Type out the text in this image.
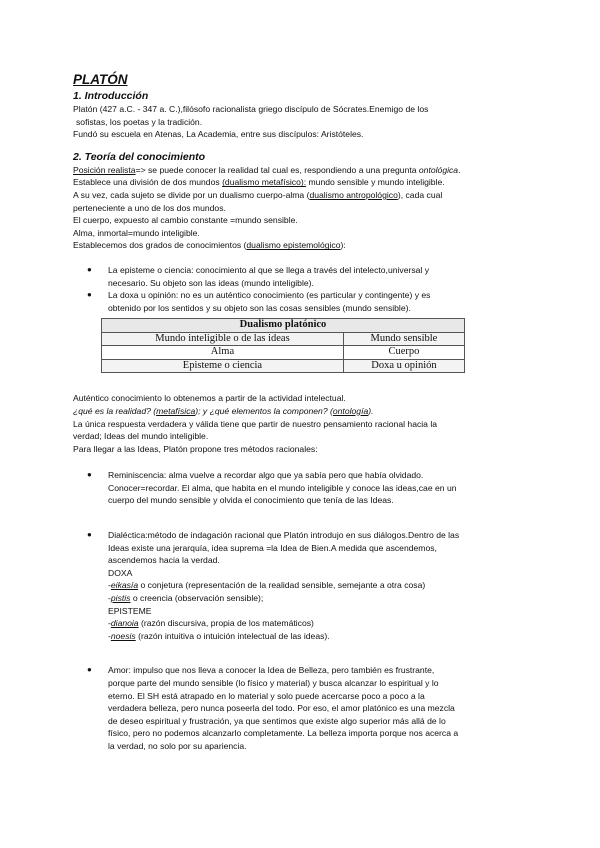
PLATÓN
1. Introducción
Platón (427 a.C. - 347 a. C.),filósofo racionalista griego discípulo de Sócrates.Enemigo de los
sofistas, los poetas y la tradición.
Fundó su escuela en Atenas, La Academia, entre sus discípulos: Aristóteles.
2. Teoría del conocimiento
Posición realista=> se puede conocer la realidad tal cual es, respondiendo a una pregunta ontológica.
Establece una división de dos mundos (dualismo metafísico): mundo sensible y mundo inteligible.
A su vez, cada sujeto se divide por un dualismo cuerpo-alma (dualismo antropológico), cada cual
perteneciente a uno de los dos mundos.
El cuerpo, expuesto al cambio constante =mundo sensible.
Alma, inmortal=mundo inteligible.
Establecemos dos grados de conocimientos (dualismo epistemológico):
● La episteme o ciencia: conocimiento al que se llega a través del intelecto,universal y
necesario. Su objeto son las ideas (mundo inteligible).
● La doxa u opinión: no es un auténtico conocimiento (es particular y contingente) y es
obtenido por los sentidos y su objeto son las cosas sensibles (mundo sensible).
Dualismo platónico	
Mundo inteligible o de las ideas	Mundo sensible
Alma	Cuerpo
Episteme o ciencia	Doxa u opinión
Auténtico conocimiento lo obtenemos a partir de la actividad intelectual.
¿qué es la realidad? (metafísica); y ¿qué elementos la componen? (ontología).
La única respuesta verdadera y válida tiene que partir de nuestro pensamiento racional hacia la
verdad; Ideas del mundo inteligible.
Para llegar a las Ideas, Platón propone tres métodos racionales:
● Reminiscencia: alma vuelve a recordar algo que ya sabía pero que había olvidado.
Conocer=recordar. El alma, que habita en el mundo inteligible y conoce las ideas,cae en un
cuerpo del mundo sensible y olvida el conocimiento que tenía de las Ideas.
● Dialéctica:método de indagación racional que Platón introdujo en sus diálogos.Dentro de las
Ideas existe una jerarquía, idea suprema =la Idea de Bien.A medida que ascendemos,
ascendemos hacia la verdad.
DOXA
-eikasía o conjetura (representación de la realidad sensible, semejante a otra cosa)
-pistis o creencia (observación sensible);
EPISTEME
-dianoia (razón discursiva, propia de los matemáticos)
-noesis (razón intuitiva o intuición intelectual de las ideas).
● Amor: impulso que nos lleva a conocer la Idea de Belleza, pero también es frustrante,
porque parte del mundo sensible (lo físico y material) y busca alcanzar lo espiritual y lo
eterno. El SH está atrapado en lo material y solo puede acercarse poco a poco a la
verdadera belleza, pero nunca poseerla del todo. Por eso, el amor platónico es una mezcla
de deseo espiritual y frustración, ya que sentimos que existe algo superior más allá de lo
físico, pero no podemos alcanzarlo completamente. La belleza importa porque nos acerca a
la verdad, no solo por su apariencia.
